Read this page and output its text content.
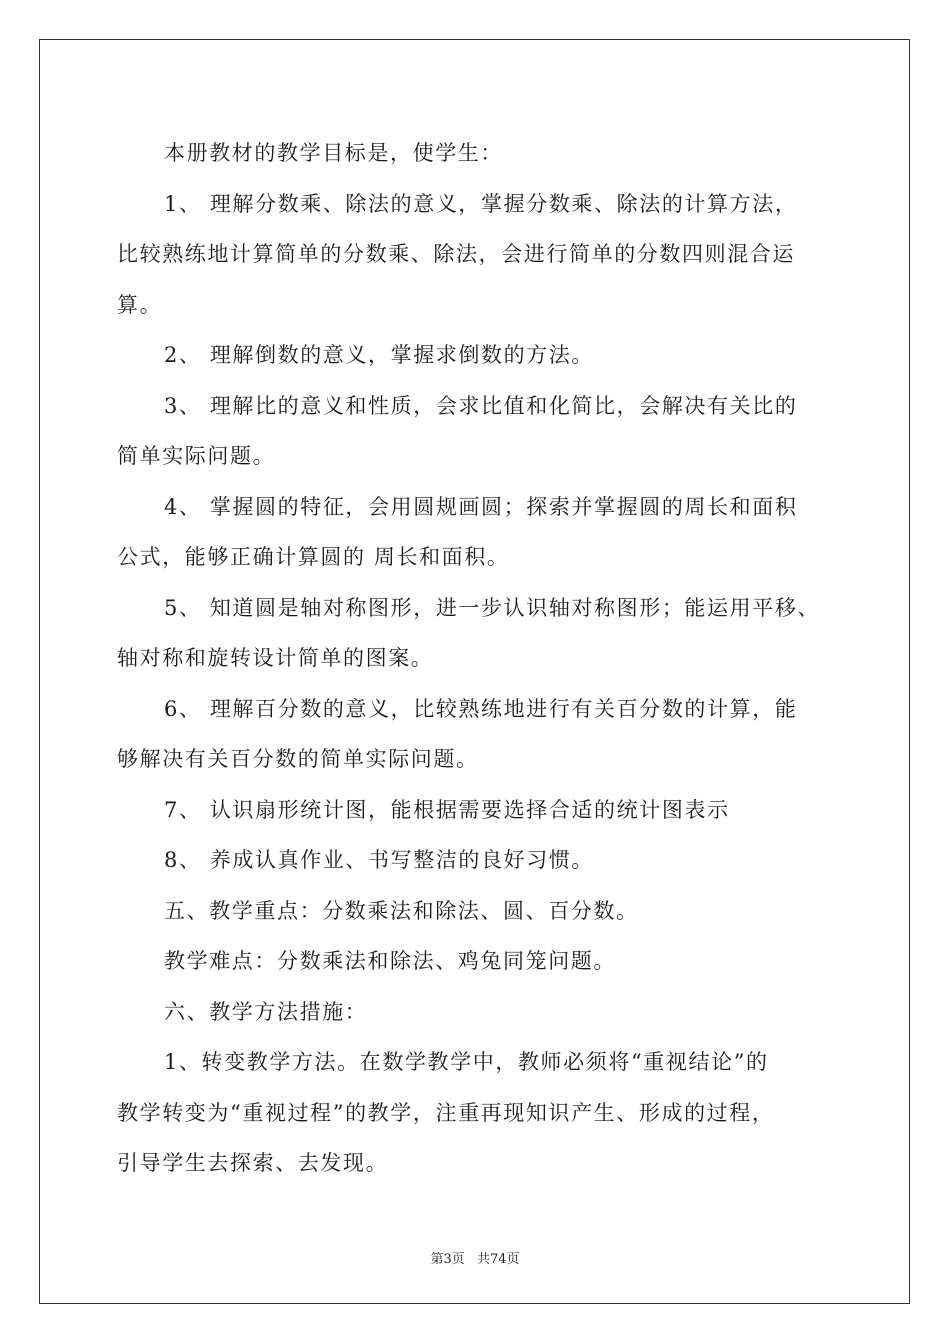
本册教材的教学目标是，使学生：

1、 理解分数乘、除法的意义，掌握分数乘、除法的计算方法，

比较熟练地计算简单的分数乘、除法，会进行简单的分数四则混合运

算。

2、 理解倒数的意义，掌握求倒数的方法。

3、 理解比的意义和性质，会求比值和化简比，会解决有关比的

简单实际问题。

4、 掌握圆的特征，会用圆规画圆；探索并掌握圆的周长和面积

公式，能够正确计算圆的 周长和面积。

5、 知道圆是轴对称图形，进一步认识轴对称图形；能运用平移、

轴对称和旋转设计简单的图案。

6、 理解百分数的意义，比较熟练地进行有关百分数的计算，能

够解决有关百分数的简单实际问题。

7、 认识扇形统计图，能根据需要选择合适的统计图表示

8、 养成认真作业、书写整洁的良好习惯。

五、教学重点：分数乘法和除法、圆、百分数。

教学难点：分数乘法和除法、鸡兔同笼问题。

六、教学方法措施：

1、转变教学方法。在数学教学中，教师必须将“重视结论”的

教学转变为“重视过程”的教学，注重再现知识产生、形成的过程，

引导学生去探索、去发现。

第3页 共74页
